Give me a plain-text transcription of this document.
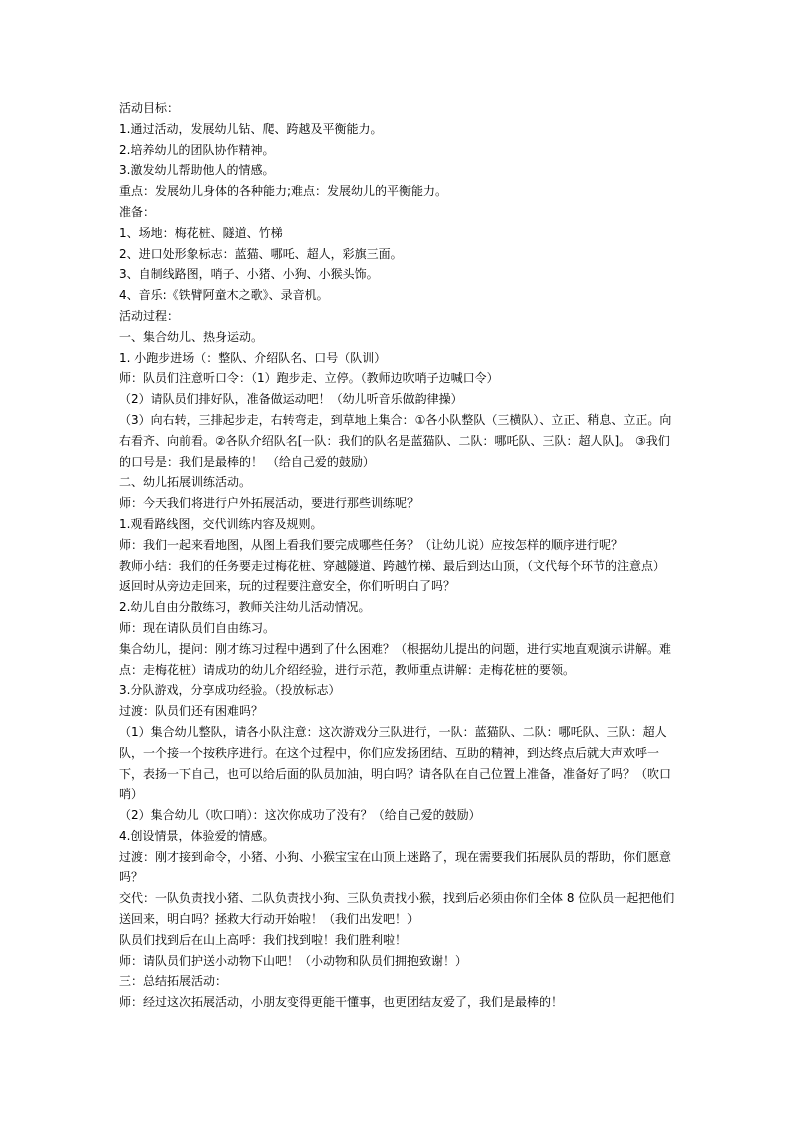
活动目标：
1.通过活动，发展幼儿钻、爬、跨越及平衡能力。
2.培养幼儿的团队协作精神。
3.激发幼儿帮助他人的情感。
重点：发展幼儿身体的各种能力;难点：发展幼儿的平衡能力。
准备：
1、场地：梅花桩、隧道、竹梯
2、进口处形象标志：蓝猫、哪吒、超人，彩旗三面。
3、自制线路图，哨子、小猪、小狗、小猴头饰。
4、音乐:《铁臂阿童木之歌》、录音机。
活动过程：
一、集合幼儿、热身运动。
1. 小跑步进场（：整队、介绍队名、口号（队训）
师：队员们注意听口令：（1）跑步走、立停。（教师边吹哨子边喊口令）
（2）请队员们排好队，准备做运动吧！（幼儿听音乐做韵律操）
（3）向右转，三排起步走，右转弯走，到草地上集合：①各小队整队（三横队）、立正、稍息、立正。向右看齐、向前看。②各队介绍队名[一队：我们的队名是蓝猫队、二队：哪吒队、三队：超人队]。 ③我们的口号是：我们是最棒的！ （给自己爱的鼓励）
二、幼儿拓展训练活动。
师：今天我们将进行户外拓展活动，要进行那些训练呢？
1.观看路线图，交代训练内容及规则。
师：我们一起来看地图，从图上看我们要完成哪些任务？（让幼儿说）应按怎样的顺序进行呢？
教师小结：我们的任务要走过梅花桩、穿越隧道、跨越竹梯、最后到达山顶，（文代每个环节的注意点）返回时从旁边走回来，玩的过程要注意安全，你们听明白了吗？
2.幼儿自由分散练习，教师关注幼儿活动情况。
师：现在请队员们自由练习。
集合幼儿，提问：刚才练习过程中遇到了什么困难？（根据幼儿提出的问题，进行实地直观演示讲解。难点：走梅花桩）请成功的幼儿介绍经验，进行示范，教师重点讲解：走梅花桩的要领。
3.分队游戏，分享成功经验。（投放标志）
过渡：队员们还有困难吗？
（1）集合幼儿整队，请各小队注意：这次游戏分三队进行，一队：蓝猫队、二队：哪吒队、三队：超人队，一个接一个按秩序进行。在这个过程中，你们应发扬团结、互助的精神，到达终点后就大声欢呼一下，表扬一下自己，也可以给后面的队员加油，明白吗？请各队在自己位置上准备，准备好了吗？（吹口哨）
（2）集合幼儿（吹口哨）：这次你成功了没有？（给自己爱的鼓励）
4.创设情景，体验爱的情感。
过渡：刚才接到命令，小猪、小狗、小猴宝宝在山顶上迷路了，现在需要我们拓展队员的帮助，你们愿意吗？
交代：一队负责找小猪、二队负责找小狗、三队负责找小猴，找到后必须由你们全体 8 位队员一起把他们送回来，明白吗？拯救大行动开始啦！（我们出发吧！）
队员们找到后在山上高呼：我们找到啦！我们胜利啦！
师：请队员们护送小动物下山吧！（小动物和队员们拥抱致谢！）
三：总结拓展活动：
师：经过这次拓展活动，小朋友变得更能干懂事，也更团结友爱了，我们是最棒的！
